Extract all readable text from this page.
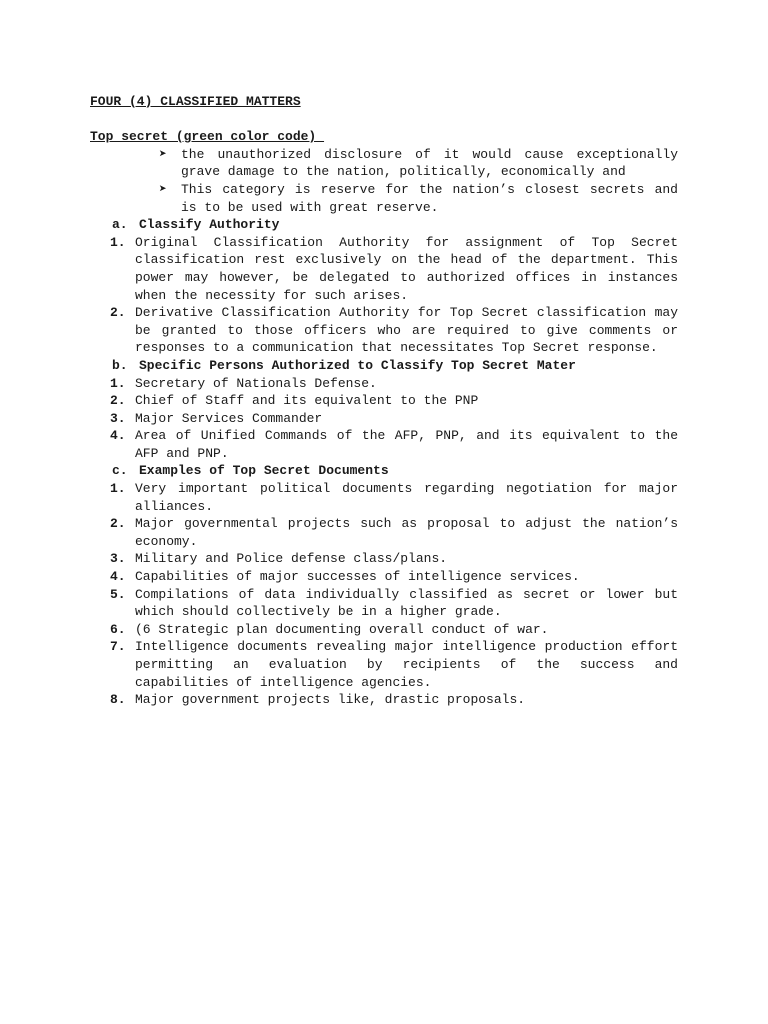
FOUR (4) CLASSIFIED MATTERS
Top secret (green color code)
➤ the unauthorized disclosure of it would cause exceptionally grave damage to the nation, politically, economically and
➤ This category is reserve for the nation’s closest secrets and is to be used with great reserve.
a. Classify Authority
1. Original Classification Authority for assignment of Top Secret classification rest exclusively on the head of the department. This power may however, be delegated to authorized offices in instances when the necessity for such arises.
2. Derivative Classification Authority for Top Secret classification may be granted to those officers who are required to give comments or responses to a communication that necessitates Top Secret response.
b. Specific Persons Authorized to Classify Top Secret Mater
1. Secretary of Nationals Defense.
2. Chief of Staff and its equivalent to the PNP
3. Major Services Commander
4. Area of Unified Commands of the AFP, PNP, and its equivalent to the AFP and PNP.
c. Examples of Top Secret Documents
1. Very important political documents regarding negotiation for major alliances.
2. Major governmental projects such as proposal to adjust the nation’s economy.
3. Military and Police defense class/plans.
4. Capabilities of major successes of intelligence services.
5. Compilations of data individually classified as secret or lower but which should collectively be in a higher grade.
6. (6 Strategic plan documenting overall conduct of war.
7. Intelligence documents revealing major intelligence production effort permitting an evaluation by recipients of the success and capabilities of intelligence agencies.
8. Major government projects like, drastic proposals.
